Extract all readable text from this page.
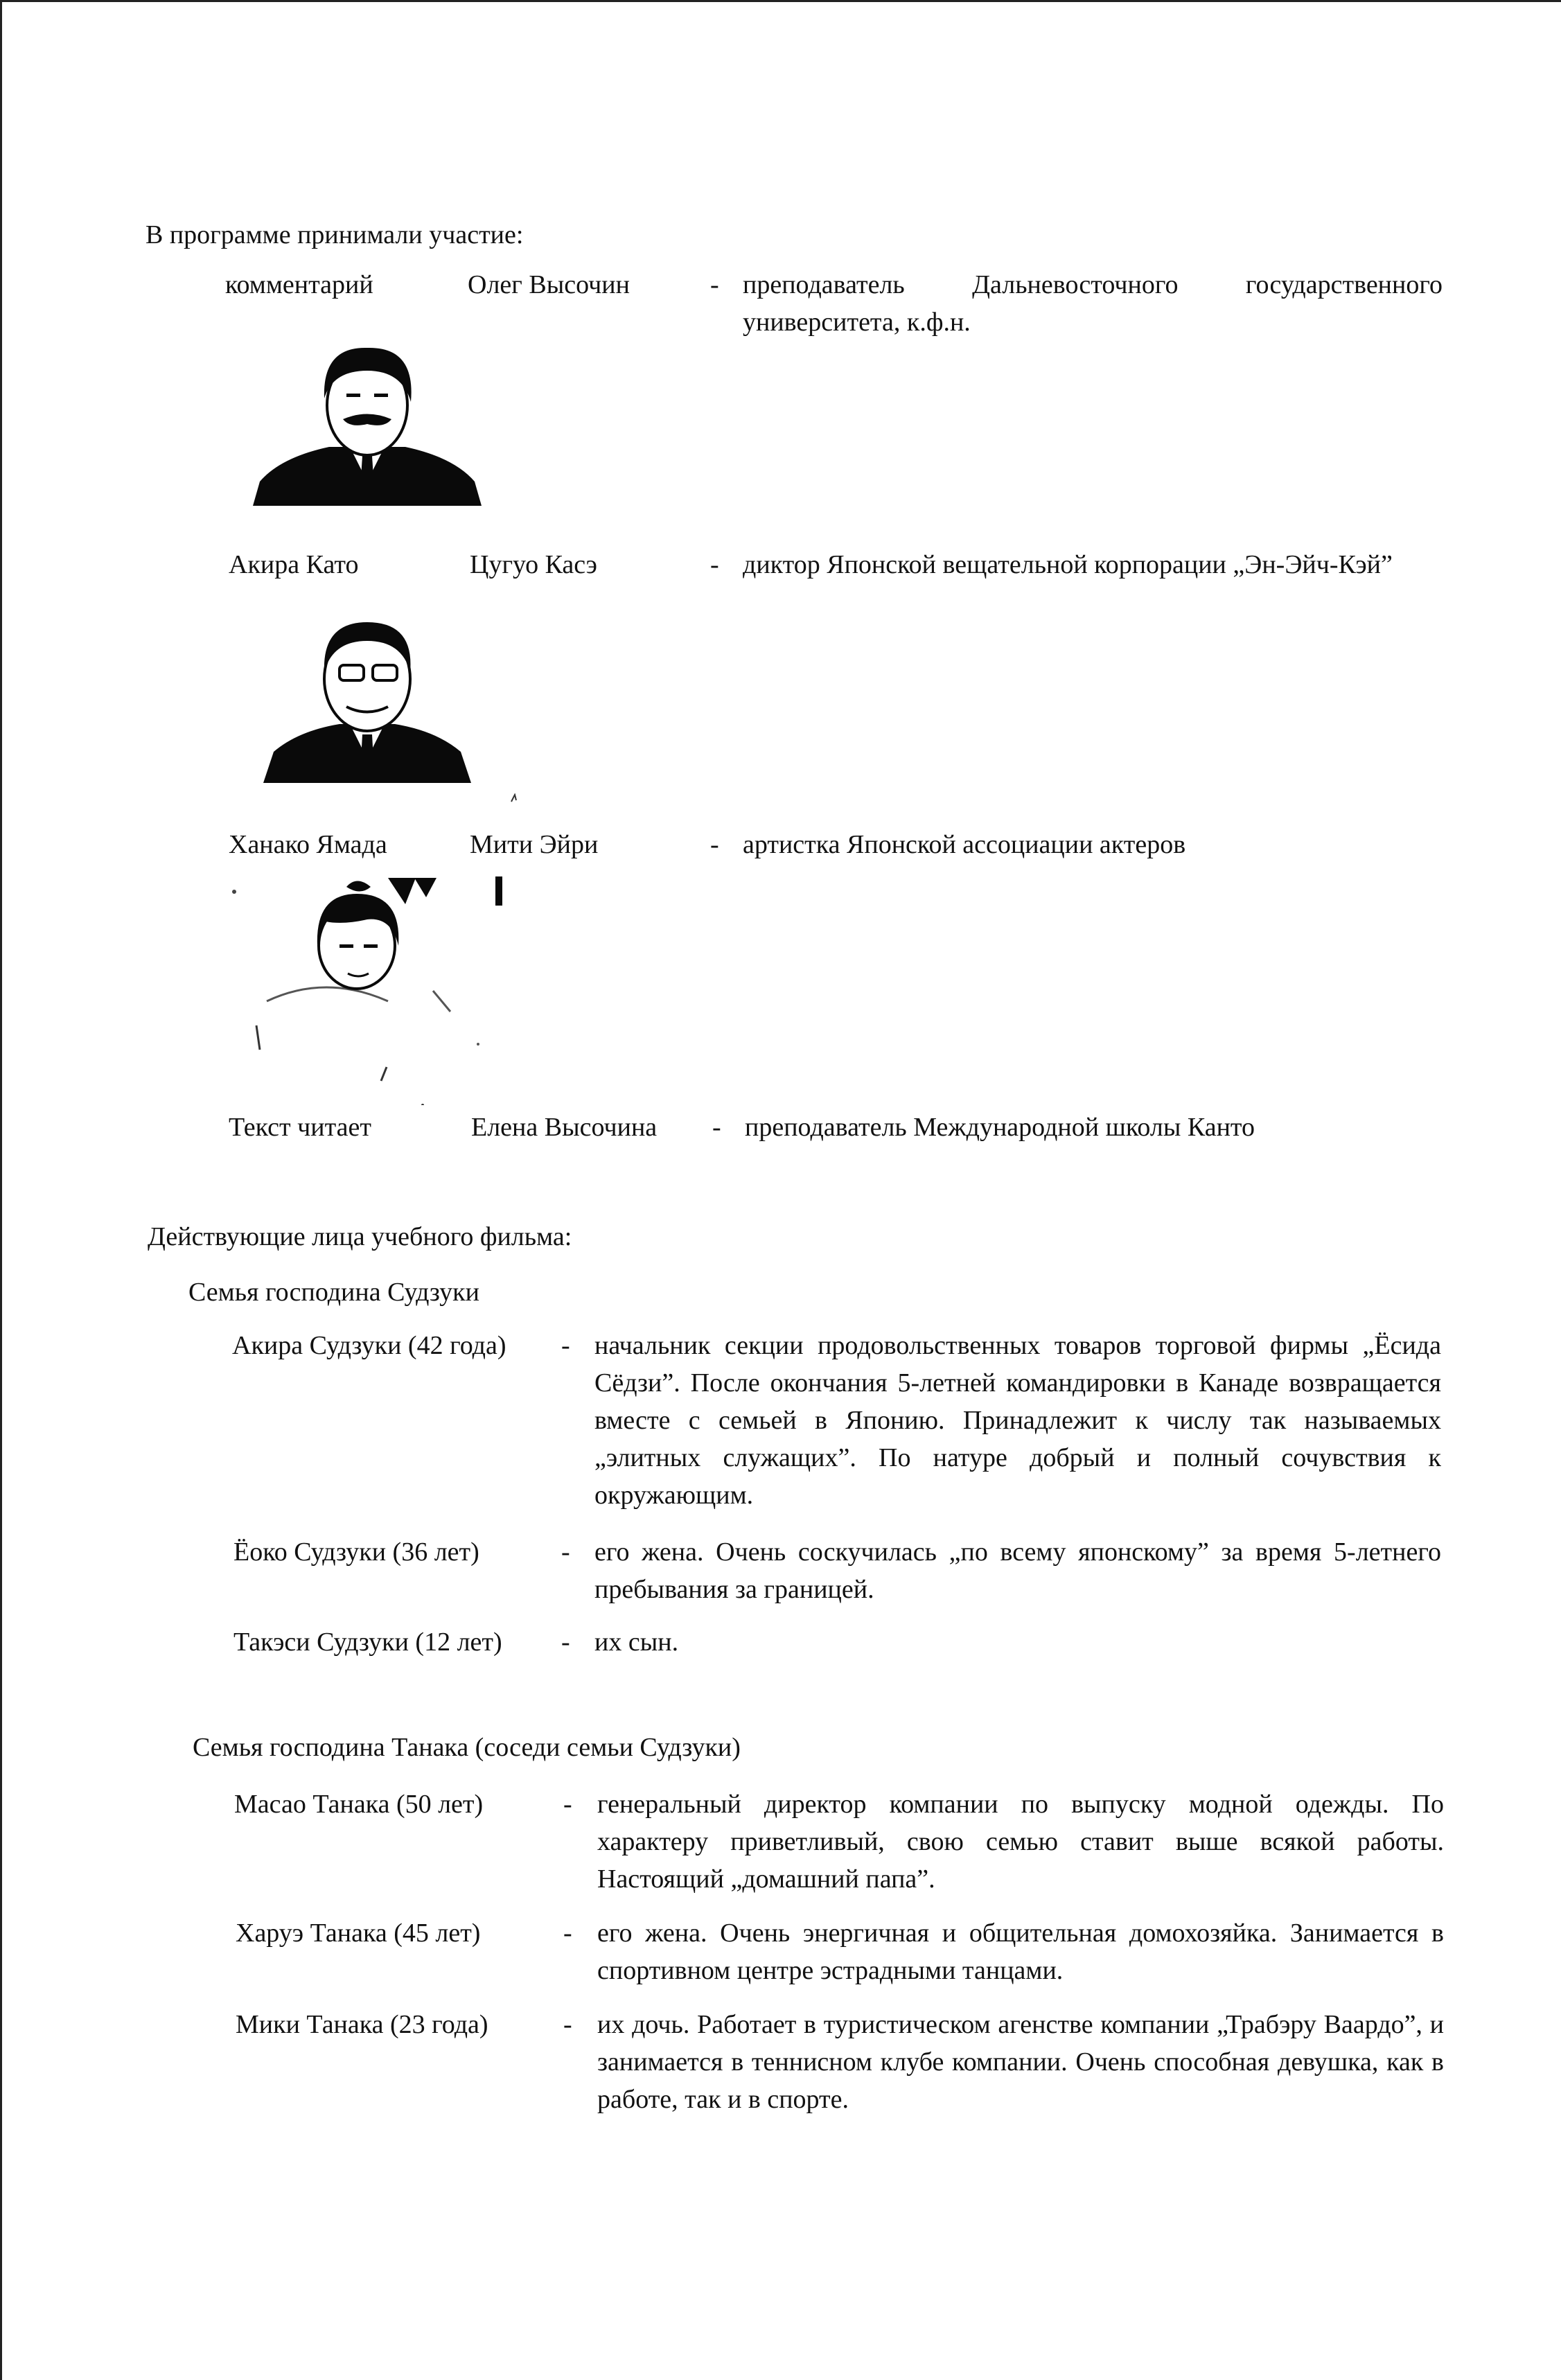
В программе принимали участие:
комментарий	Олег Высочин	- преподаватель Дальневосточного государственного университета, к.ф.н.
Акира Като	Цугуо Касэ	- диктор Японской вещательной корпорации „Эн-Эйч-Кэй”
Ханако Ямада	Мити Эйри	- артистка Японской ассоциации актеров
Текст читает	Елена Высочина - преподаватель Международной школы Канто
Действующие лица учебного фильма:
Семья господина Судзуки
Акира Судзуки (42 года) - начальник секции продовольственных товаров торговой фирмы „Ёсида Сёдзи”. После окончания 5-летней командировки в Канаде возвращается вместе с семьей в Японию. Принадлежит к числу так называемых „элитных служащих”. По натуре добрый и полный сочувствия к окружающим.
Ёоко Судзуки (36 лет)	- его жена. Очень соскучилась „по всему японскому” за время 5-летнего пребывания за границей.
Такэси Судзуки (12 лет) - их сын.
Семья господина Танака (соседи семьи Судзуки)
Масао Танака (50 лет)	- генеральный директор компании по выпуску модной одежды. По характеру приветливый, свою семью ставит выше всякой работы. Настоящий „домашний папа”.
Харуэ Танака (45 лет)	- его жена. Очень энергичная и общительная домохозяйка. Занимается в спортивном центре эстрадными танцами.
Мики Танака (23 года)	- их дочь. Работает в туристическом агенстве компании „Трабэру Ваардо”, и занимается в теннисном клубе компании. Очень способная девушка, как в работе, так и в спорте.
